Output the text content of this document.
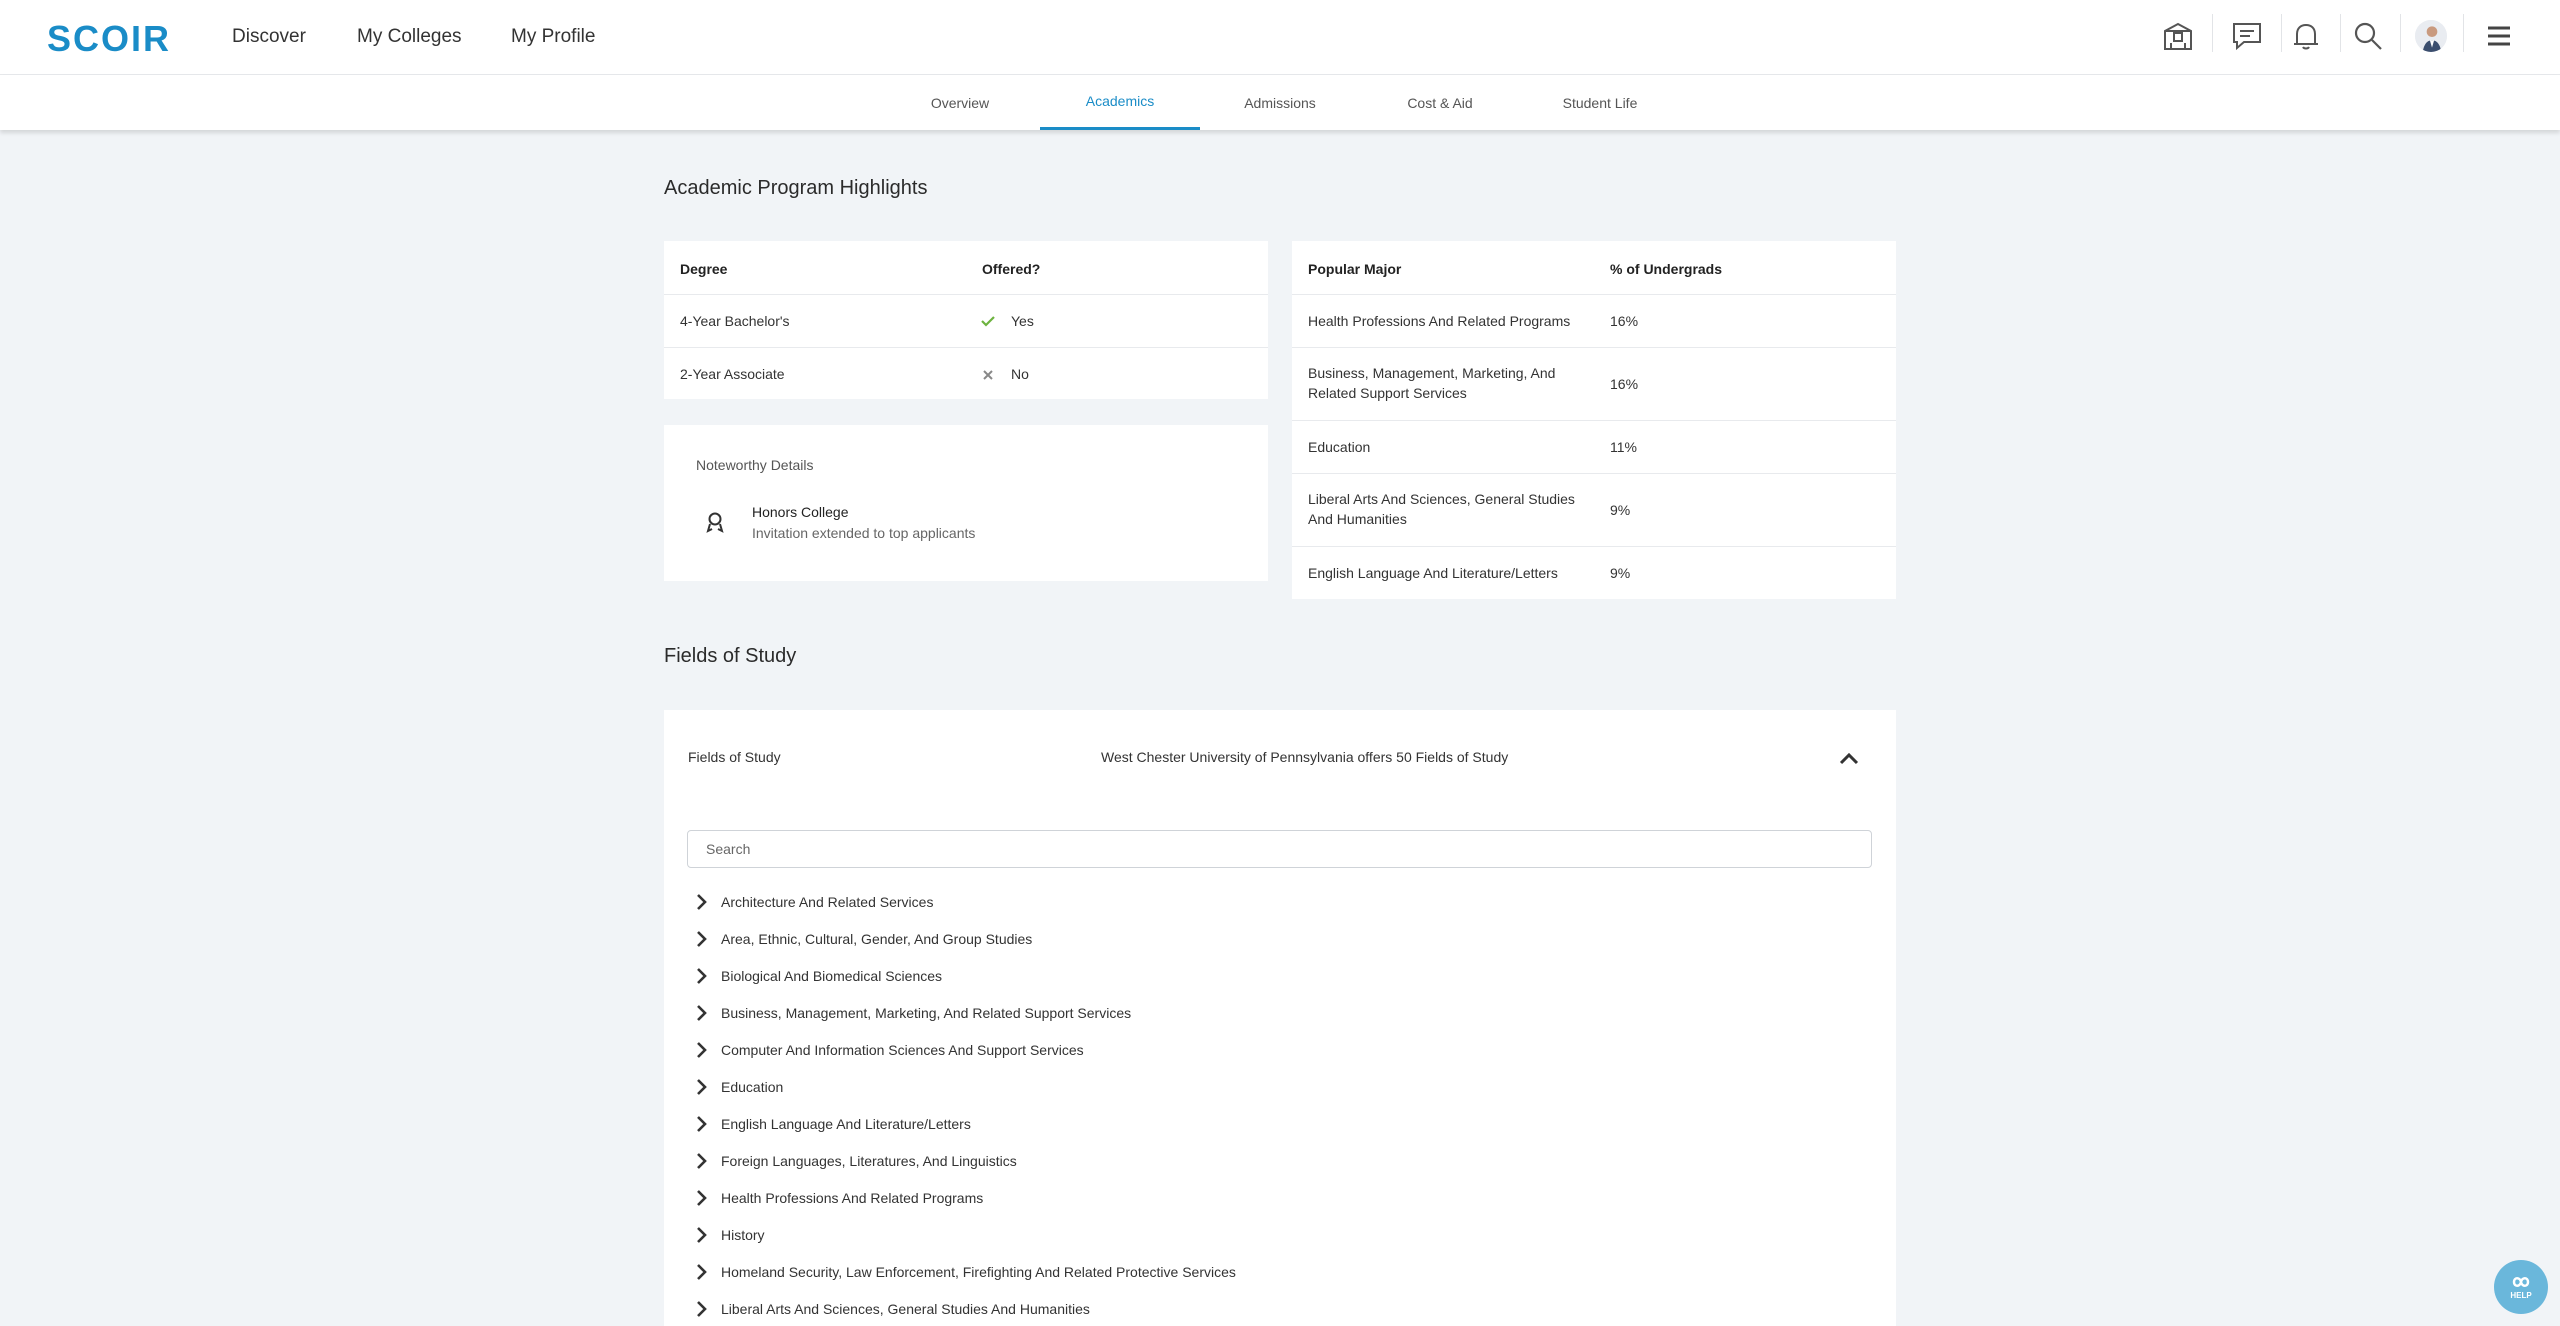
SCOIR	Discover	My Colleges	My Profile
Overview	Academics	Admissions	Cost & Aid	Student Life
Academic Program Highlights
Degree	Offered?
4-Year Bachelor's	Yes
2-Year Associate	No
Noteworthy Details
Honors College
Invitation extended to top applicants
Popular Major	% of Undergrads
Health Professions And Related Programs	16%
Business, Management, Marketing, And
Related Support Services
16%
Education	11%
Liberal Arts And Sciences, General Studies
And Humanities
9%
English Language And Literature/Letters	9%
Fields of Study
Fields of Study	West Chester University of Pennsylvania offers 50 Fields of Study
Search
Architecture And Related Services
Area, Ethnic, Cultural, Gender, And Group Studies
Biological And Biomedical Sciences
Business, Management, Marketing, And Related Support Services
Computer And Information Sciences And Support Services
Education
English Language And Literature/Letters
Foreign Languages, Literatures, And Linguistics
Health Professions And Related Programs
History
Homeland Security, Law Enforcement, Firefighting And Related Protective Services
Liberal Arts And Sciences, General Studies And Humanities
HELP
